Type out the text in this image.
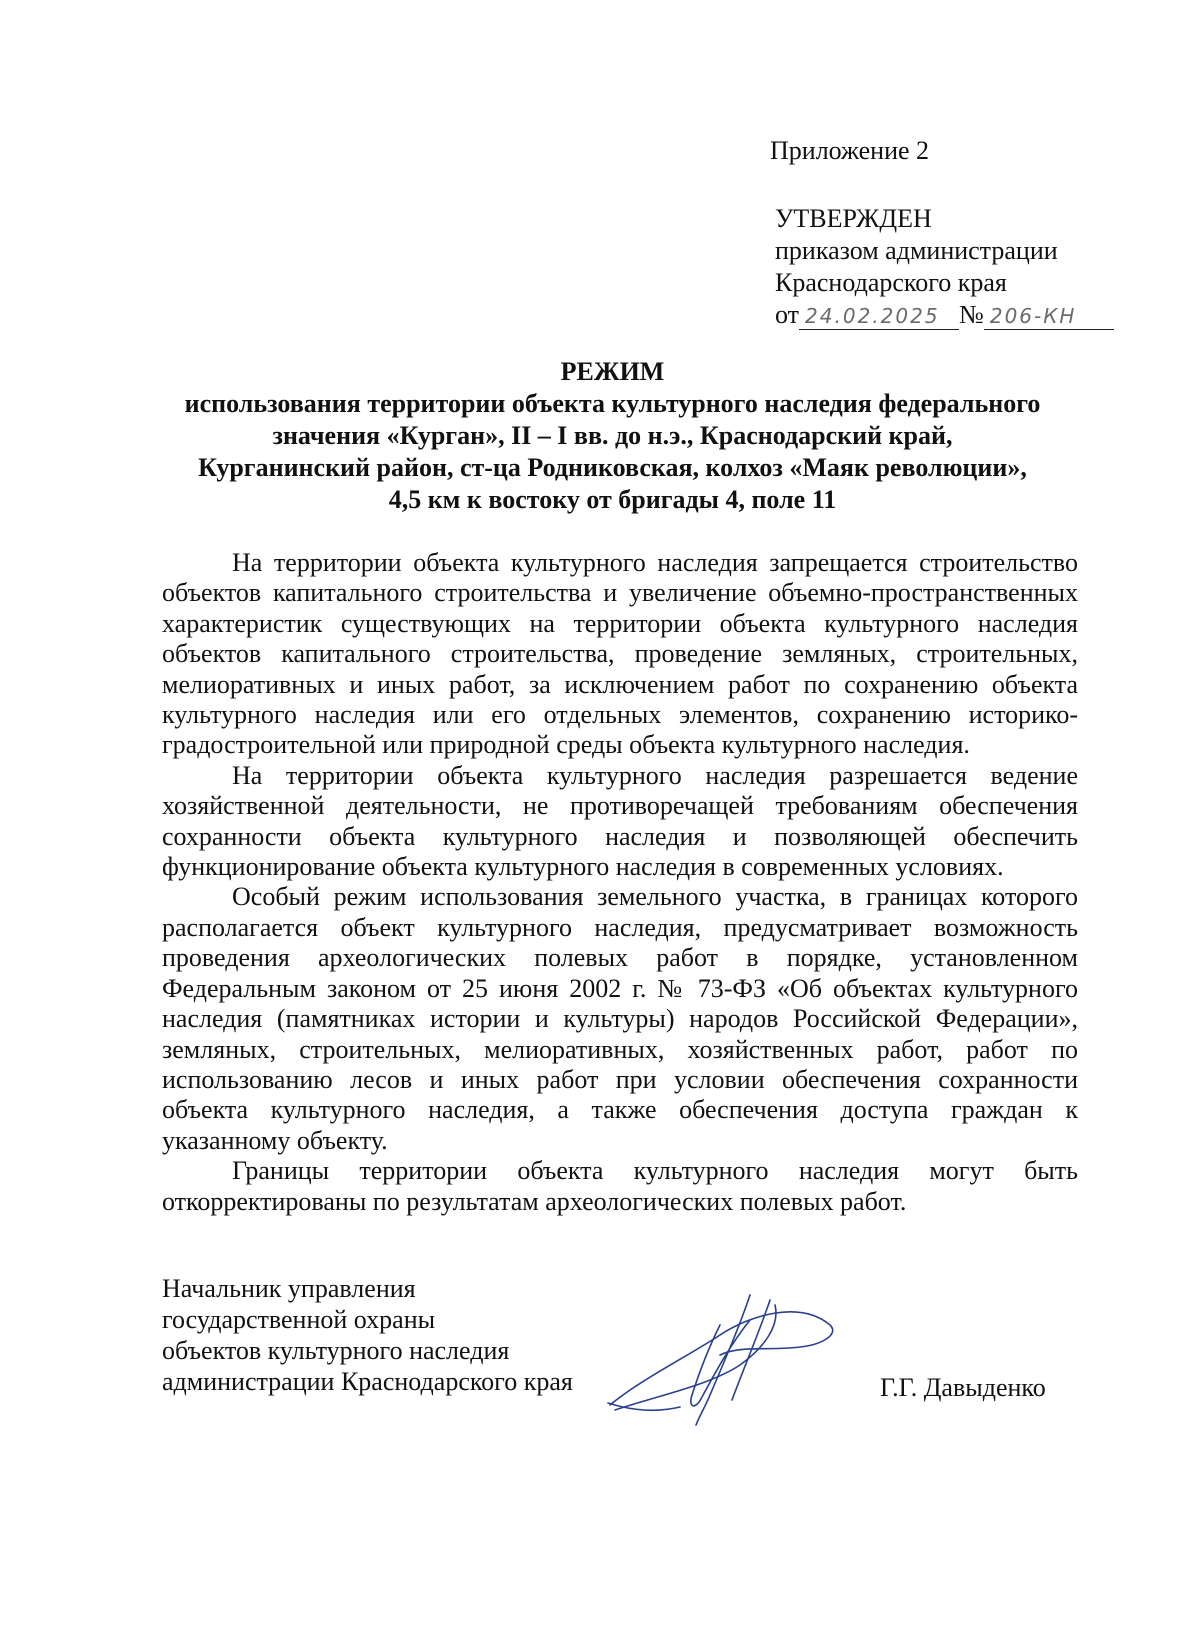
Приложение 2
УТВЕРЖДЕН
приказом администрации
Краснодарского края
от 24.02.2025 № 206-КН
РЕЖИМ
использования территории объекта культурного наследия федерального
значения «Курган», II – I вв. до н.э., Краснодарский край,
Курганинский район, ст-ца Родниковская, колхоз «Маяк революции»,
4,5 км к востоку от бригады 4, поле 11

На территории объекта культурного наследия запрещается строительство объектов капитального строительства и увеличение объемно-пространственных характеристик существующих на территории объекта культурного наследия объектов капитального строительства, проведение земляных, строительных, мелиоративных и иных работ, за исключением работ по сохранению объекта культурного наследия или его отдельных элементов, сохранению историко-градостроительной или природной среды объекта культурного наследия.

На территории объекта культурного наследия разрешается ведение хозяйственной деятельности, не противоречащей требованиям обеспечения сохранности объекта культурного наследия и позволяющей обеспечить функционирование объекта культурного наследия в современных условиях.

Особый режим использования земельного участка, в границах которого располагается объект культурного наследия, предусматривает возможность проведения археологических полевых работ в порядке, установленном Федеральным законом от 25 июня 2002 г. № 73-ФЗ «Об объектах культурного наследия (памятниках истории и культуры) народов Российской Федерации», земляных, строительных, мелиоративных, хозяйственных работ, работ по использованию лесов и иных работ при условии обеспечения сохранности объекта культурного наследия, а также обеспечения доступа граждан к указанному объекту.

Границы территории объекта культурного наследия могут быть откорректированы по результатам археологических полевых работ.

Начальник управления
государственной охраны
объектов культурного наследия
администрации Краснодарского края	Г.Г. Давыденко
